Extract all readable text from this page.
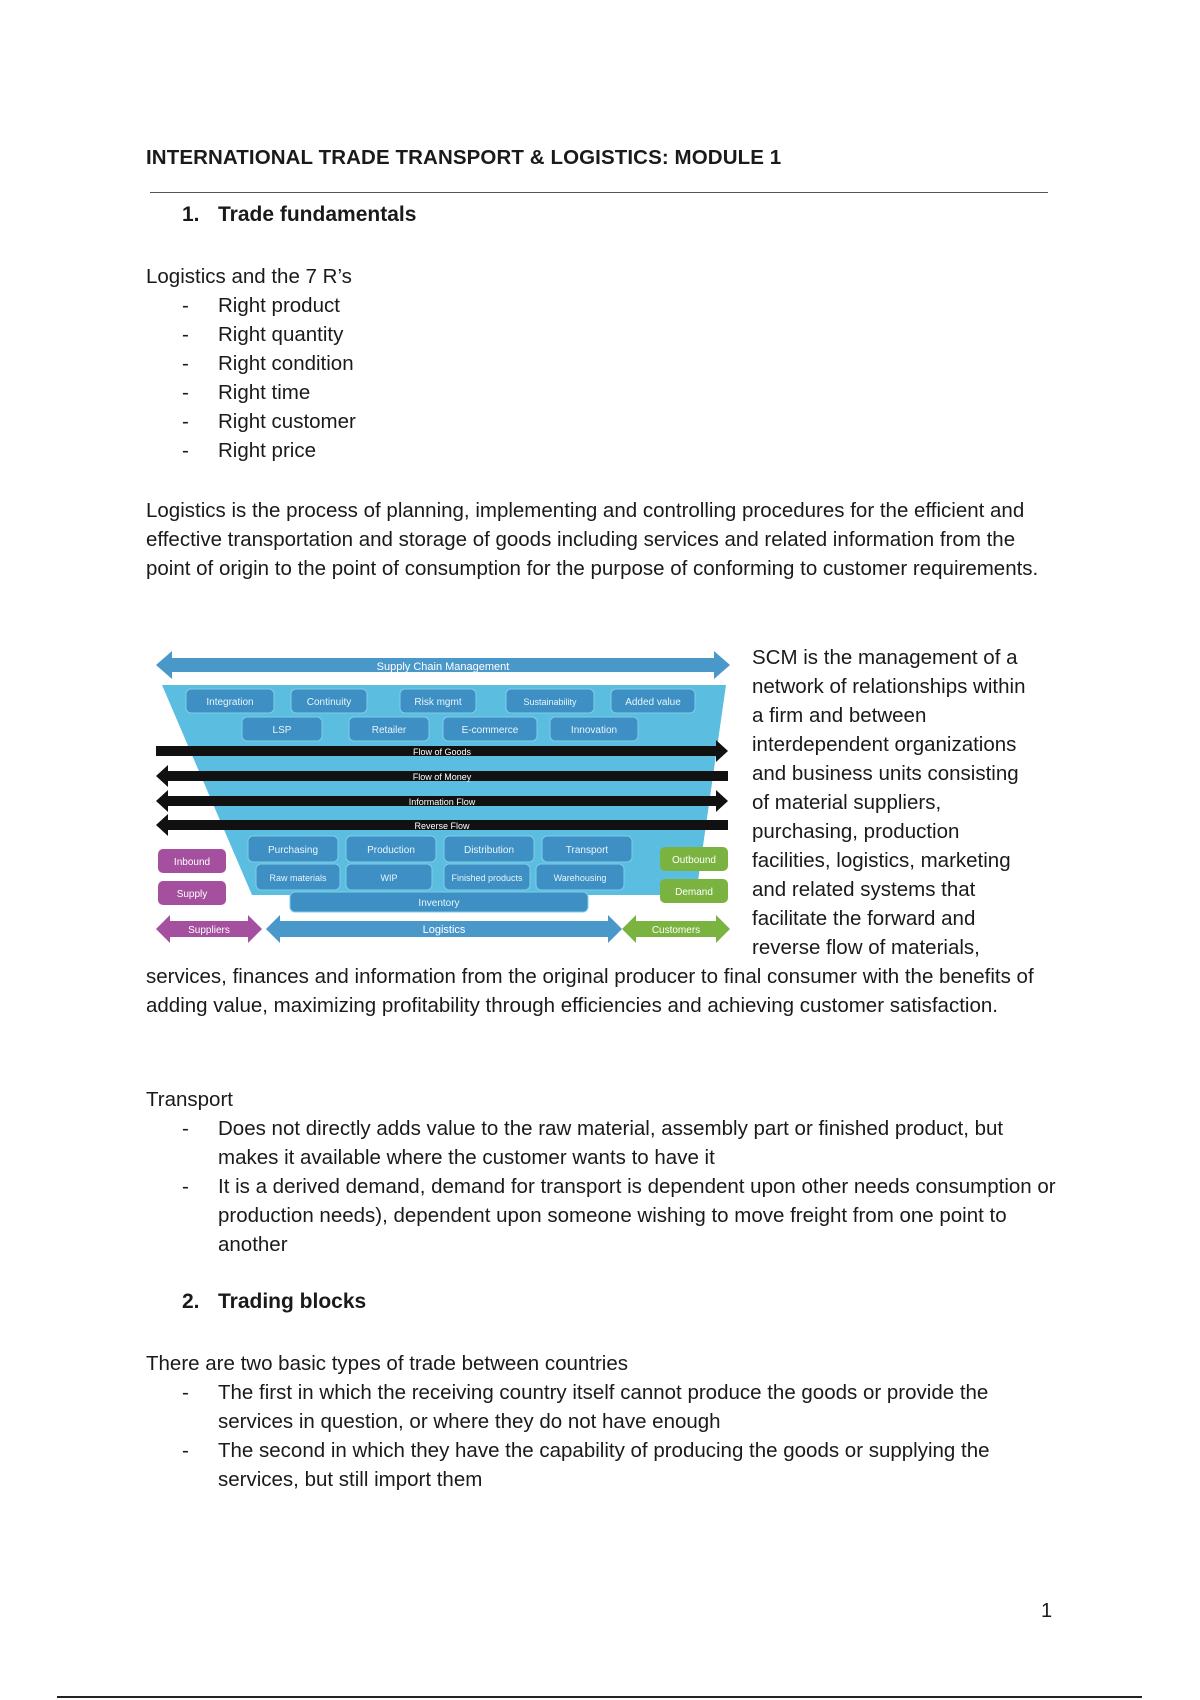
INTERNATIONAL TRADE TRANSPORT & LOGISTICS: MODULE 1
1. Trade fundamentals
Logistics and the 7 R’s
- Right product
- Right quantity
- Right condition
- Right time
- Right customer
- Right price
Logistics is the process of planning, implementing and controlling procedures for the efficient and effective transportation and storage of goods including services and related information from the point of origin to the point of consumption for the purpose of conforming to customer requirements.
Supply Chain Management
Integration	Continuity	Risk mgmt	Sustainability	Added value
LSP	Retailer	E-commerce	Innovation
Flow of Goods
Flow of Money
Information Flow
Reverse Flow
Purchasing	Production	Distribution	Transport
Raw materials	WIP	Finished products	Warehousing
Inventory
Inbound
Supply
Outbound
Demand
Suppliers	Logistics	Customers
SCM is the management of a
network of relationships within
a firm and between
interdependent organizations
and business units consisting
of material suppliers,
purchasing, production
facilities, logistics, marketing
and related systems that
facilitate the forward and
reverse flow of materials,
services, finances and information from the original producer to final consumer with the benefits of adding value, maximizing profitability through efficiencies and achieving customer satisfaction.
Transport
- Does not directly adds value to the raw material, assembly part or finished product, but makes it available where the customer wants to have it
- It is a derived demand, demand for transport is dependent upon other needs consumption or production needs), dependent upon someone wishing to move freight from one point to another
2. Trading blocks
There are two basic types of trade between countries
- The first in which the receiving country itself cannot produce the goods or provide the services in question, or where they do not have enough
- The second in which they have the capability of producing the goods or supplying the services, but still import them
1
